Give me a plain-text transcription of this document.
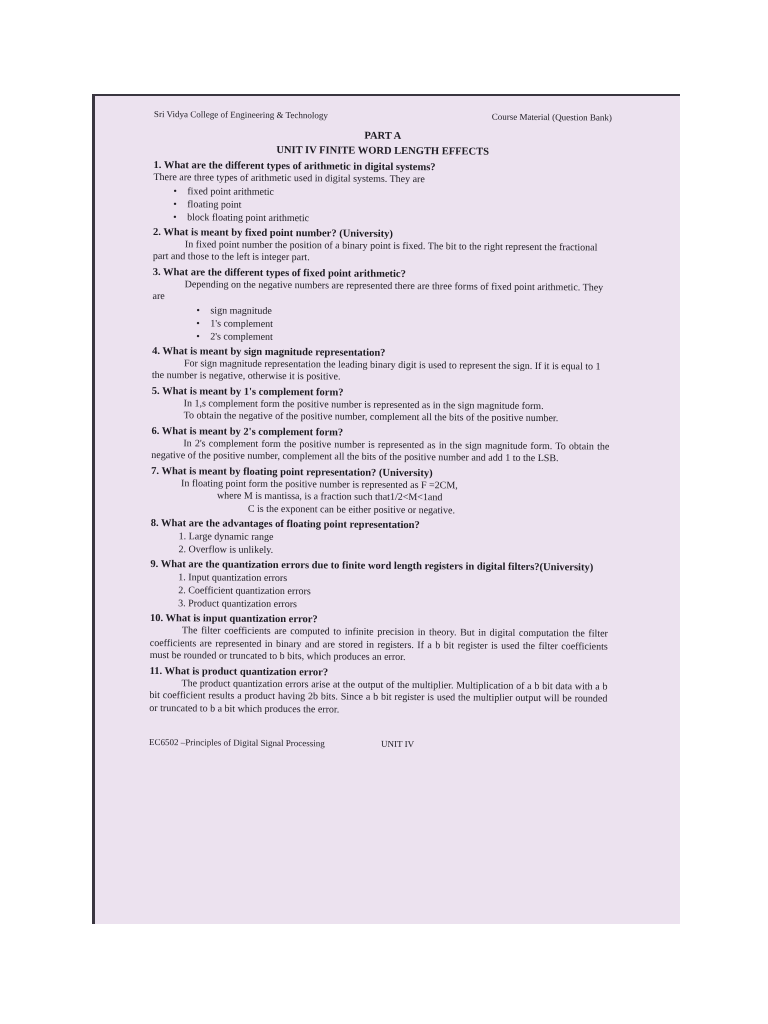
Sri Vidya College of Engineering & Technology	Course Material (Question Bank)
PART A
UNIT IV FINITE WORD LENGTH EFFECTS
1. What are the different types of arithmetic in digital systems?
There are three types of arithmetic used in digital systems. They are
• fixed point arithmetic
• floating point
• block floating point arithmetic
2. What is meant by fixed point number? (University)
In fixed point number the position of a binary point is fixed. The bit to the right represent the fractional part and those to the left is integer part.
3. What are the different types of fixed point arithmetic?
Depending on the negative numbers are represented there are three forms of fixed point arithmetic. They are
• sign magnitude
• 1's complement
• 2's complement
4. What is meant by sign magnitude representation?
For sign magnitude representation the leading binary digit is used to represent the sign. If it is equal to 1 the number is negative, otherwise it is positive.
5. What is meant by 1's complement form?
In 1,s complement form the positive number is represented as in the sign magnitude form.
To obtain the negative of the positive number, complement all the bits of the positive number.
6. What is meant by 2's complement form?
In 2's complement form the positive number is represented as in the sign magnitude form. To obtain the negative of the positive number, complement all the bits of the positive number and add 1 to the LSB.
7. What is meant by floating point representation? (University)
In floating point form the positive number is represented as F =2CM,
where M is mantissa, is a fraction such that1/2<M<1and
C is the exponent can be either positive or negative.
8. What are the advantages of floating point representation?
1. Large dynamic range
2. Overflow is unlikely.
9. What are the quantization errors due to finite word length registers in digital filters?(University)
1. Input quantization errors
2. Coefficient quantization errors
3. Product quantization errors
10. What is input quantization error?
The filter coefficients are computed to infinite precision in theory. But in digital computation the filter coefficients are represented in binary and are stored in registers. If a b bit register is used the filter coefficients must be rounded or truncated to b bits, which produces an error.
11. What is product quantization error?
The product quantization errors arise at the output of the multiplier. Multiplication of a b bit data with a b bit coefficient results a product having 2b bits. Since a b bit register is used the multiplier output will be rounded or truncated to b a bit which produces the error.
EC6502 –Principles of Digital Signal Processing	UNIT IV
